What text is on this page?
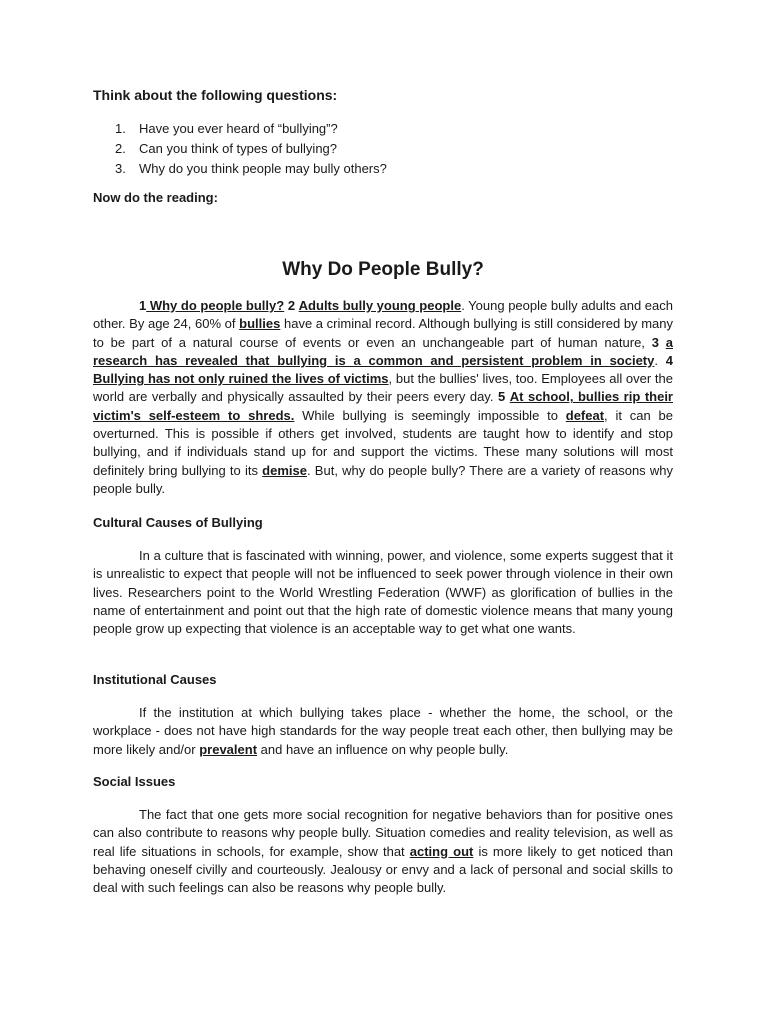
Think about the following questions:

1. Have you ever heard of “bullying”?
2. Can you think of types of bullying?
3. Why do you think people may bully others?

Now do the reading:

Why Do People Bully?

1 Why do people bully? 2 Adults bully young people. Young people bully adults and each other. By age 24, 60% of bullies have a criminal record. Although bullying is still considered by many to be part of a natural course of events or even an unchangeable part of human nature, 3 a research has revealed that bullying is a common and persistent problem in society. 4 Bullying has not only ruined the lives of victims, but the bullies' lives, too. Employees all over the world are verbally and physically assaulted by their peers every day. 5 At school, bullies rip their victim's self-esteem to shreds. While bullying is seemingly impossible to defeat, it can be overturned. This is possible if others get involved, students are taught how to identify and stop bullying, and if individuals stand up for and support the victims. These many solutions will most definitely bring bullying to its demise. But, why do people bully? There are a variety of reasons why people bully.

Cultural Causes of Bullying

In a culture that is fascinated with winning, power, and violence, some experts suggest that it is unrealistic to expect that people will not be influenced to seek power through violence in their own lives. Researchers point to the World Wrestling Federation (WWF) as glorification of bullies in the name of entertainment and point out that the high rate of domestic violence means that many young people grow up expecting that violence is an acceptable way to get what one wants.

Institutional Causes

If the institution at which bullying takes place - whether the home, the school, or the workplace - does not have high standards for the way people treat each other, then bullying may be more likely and/or prevalent and have an influence on why people bully.

Social Issues

The fact that one gets more social recognition for negative behaviors than for positive ones can also contribute to reasons why people bully. Situation comedies and reality television, as well as real life situations in schools, for example, show that acting out is more likely to get noticed than behaving oneself civilly and courteously. Jealousy or envy and a lack of personal and social skills to deal with such feelings can also be reasons why people bully.
